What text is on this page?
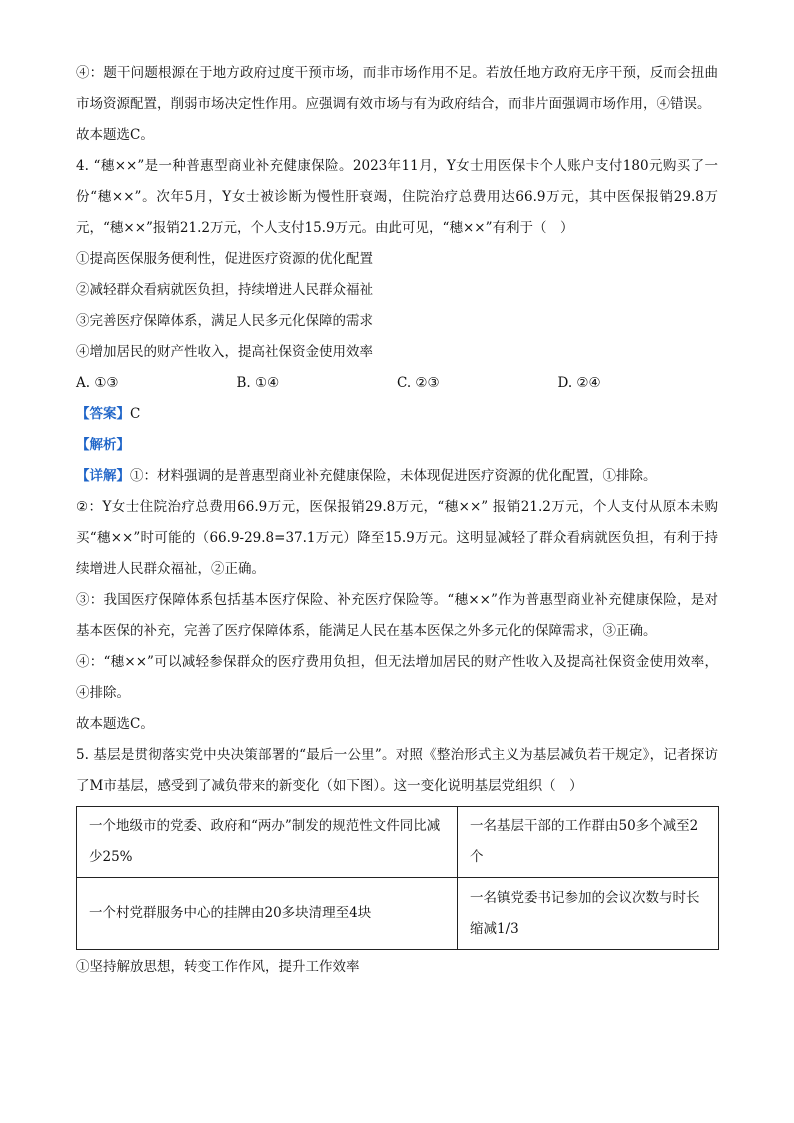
④：题干问题根源在于地方政府过度干预市场，而非市场作用不足。若放任地方政府无序干预，反而会扭曲市场资源配置，削弱市场决定性作用。应强调有效市场与有为政府结合，而非片面强调市场作用，④错误。

故本题选C。

4. “穗××”是一种普惠型商业补充健康保险。2023年11月，Y女士用医保卡个人账户支付180元购买了一份“穗××”。次年5月，Y女士被诊断为慢性肝衰竭，住院治疗总费用达66.9万元，其中医保报销29.8万元，“穗××”报销21.2万元，个人支付15.9万元。由此可见，“穗××”有利于（　）

①提高医保服务便利性，促进医疗资源的优化配置

②减轻群众看病就医负担，持续增进人民群众福祉

③完善医疗保障体系，满足人民多元化保障的需求

④增加居民的财产性收入，提高社保资金使用效率

A. ①③	B. ①④	C. ②③	D. ②④

【答案】C

【解析】

【详解】①：材料强调的是普惠型商业补充健康保险，未体现促进医疗资源的优化配置，①排除。

②：Y女士住院治疗总费用66.9万元，医保报销29.8万元，“穗××” 报销21.2万元，个人支付从原本未购买“穗××”时可能的（66.9-29.8=37.1万元）降至15.9万元。这明显减轻了群众看病就医负担，有利于持续增进人民群众福祉，②正确。

③：我国医疗保障体系包括基本医疗保险、补充医疗保险等。“穗××”作为普惠型商业补充健康保险，是对基本医保的补充，完善了医疗保障体系，能满足人民在基本医保之外多元化的保障需求，③正确。

④：“穗××”可以减轻参保群众的医疗费用负担，但无法增加居民的财产性收入及提高社保资金使用效率，④排除。

故本题选C。

5. 基层是贯彻落实党中央决策部署的“最后一公里”。对照《整治形式主义为基层减负若干规定》，记者探访了M市基层，感受到了减负带来的新变化（如下图）。这一变化说明基层党组织（　）

一个地级市的党委、政府和“两办”制发的规范性文件同比减少25%	一名基层干部的工作群由50多个减至2个
一个村党群服务中心的挂牌由20多块清理至4块	一名镇党委书记参加的会议次数与时长缩减1/3

①坚持解放思想，转变工作作风，提升工作效率
